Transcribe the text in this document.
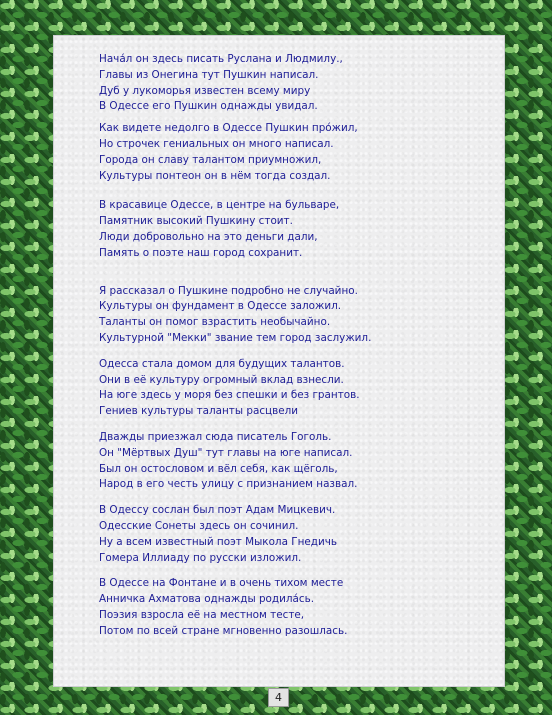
Нача́л он здесь писать Руслана и Людмилу.,
Главы из Онегина тут Пушкин написал.
Дуб у лукоморья известен всему миру
В Одессе его Пушкин однажды увидал.

Как видете недолго в Одессе Пушкин про́жил,
Но строчек гениальных он много написал.
Города он славу талантом приумножил,
Культуры понтеон он в нём тогда создал.

В красавице Одессе, в центре на бульваре,
Памятник высокий Пушкину стоит.
Люди добровольно на это деньги дали,
Память о поэте наш город сохранит.

Я рассказал о Пушкине подробно не случайно.
Культуры он фундамент в Одессе заложил.
Таланты он помог взрастить необычайно.
Культурной "Мекки" звание тем город заслужил.

Одесса стала домом для будущих талантов.
Они в её культуру огромный вклад взнесли.
На юге здесь у моря без спешки и без грантов.
Гениев культуры таланты расцвели

Дважды приезжал сюда писатель Гоголь.
Он "Мёртвых Душ" тут главы на юге написал.
Был он остословом и вёл себя, как щёголь,
Народ в его честь улицу с признанием назвал.

В Одессу сослан был поэт Адам Мицкевич.
Одесские Сонеты здесь он сочинил.
Ну а всем известный поэт Мыкола Гнедичь
Гомера Иллиаду по русски изложил.

В Одессе на Фонтане и в очень тихом месте
Анничка Ахматова однажды родила́сь.
Поэзия взросла её на местном тесте,
Потом по всей стране мгновенно разошлась.

4
